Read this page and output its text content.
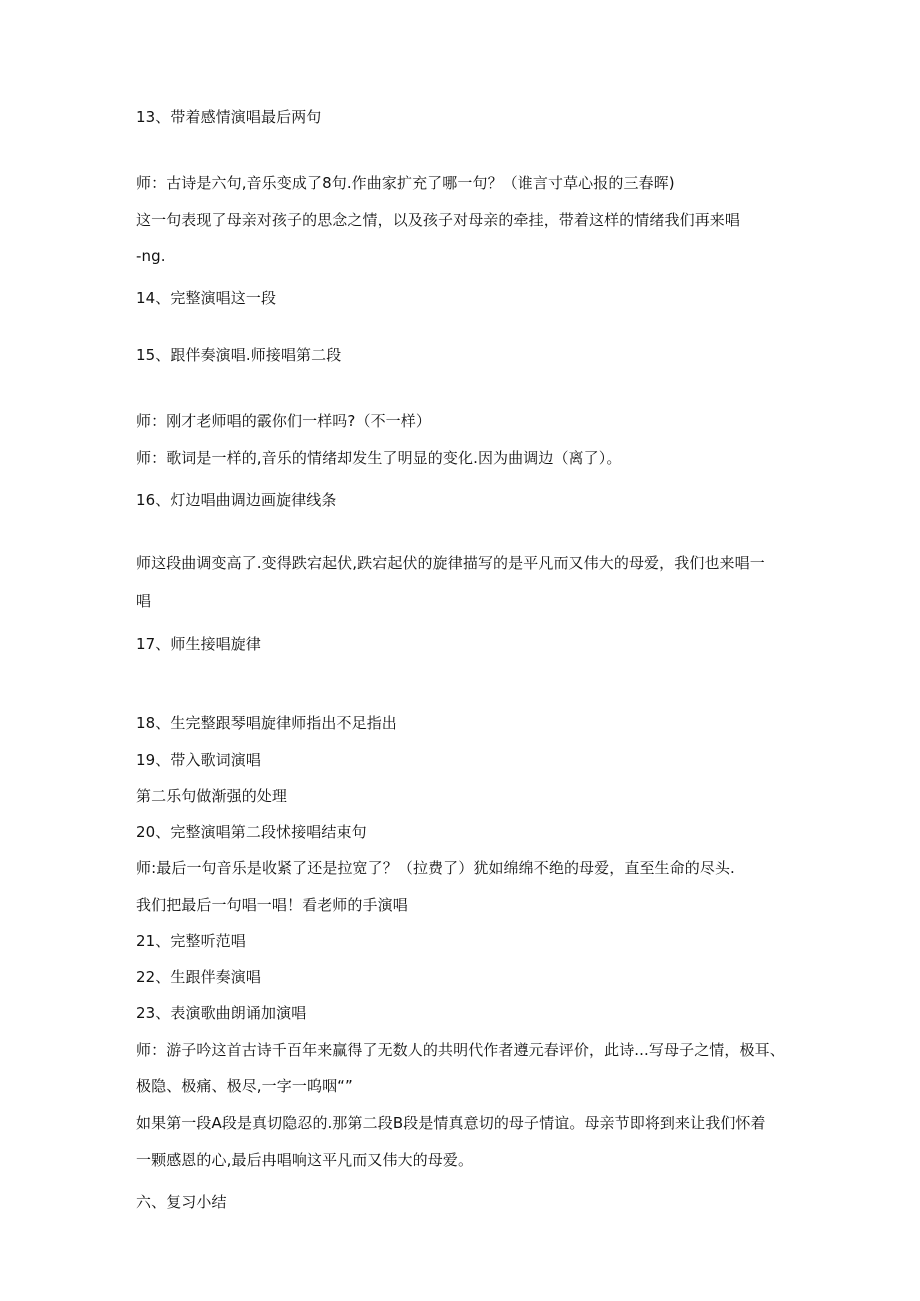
13、带着感情演唱最后两句
师：古诗是六句,音乐变成了8句.作曲家扩充了哪一句？（谁言寸草心报的三春晖)
这一句表现了母亲对孩子的思念之情，以及孩子对母亲的牵挂，带着这样的情绪我们再来唱
-ng.
14、完整演唱这一段
15、跟伴奏演唱.师接唱第二段
师：刚才老师唱的霰你们一样吗?（不一样）
师：歌词是一样的,音乐的情绪却发生了明显的变化.因为曲调边（离了）。
16、灯边唱曲调边画旋律线条
师这段曲调变高了.变得跌宕起伏,跌宕起伏的旋律描写的是平凡而又伟大的母爱，我们也来唱一
唱
17、师生接唱旋律
18、生完整跟琴唱旋律师指出不足指出
19、带入歌词演唱
第二乐句做渐强的处理
20、完整演唱第二段怵接唱结束句
师:最后一句音乐是收紧了还是拉宽了？（拉费了）犹如绵绵不绝的母爱，直至生命的尽头.
我们把最后一句唱一唱！看老师的手演唱
21、完整听范唱
22、生跟伴奏演唱
23、表演歌曲朗诵加演唱
师：游子吟这首古诗千百年来赢得了无数人的共明代作者遵元春评价，此诗...写母子之情，极耳、
极隐、极痛、极尽,一字一呜咽“”
如果第一段A段是真切隐忍的.那第二段B段是情真意切的母子情谊。母亲节即将到来让我们怀着
一颗感恩的心,最后冉唱响这平凡而又伟大的母爱。
六、复习小结
